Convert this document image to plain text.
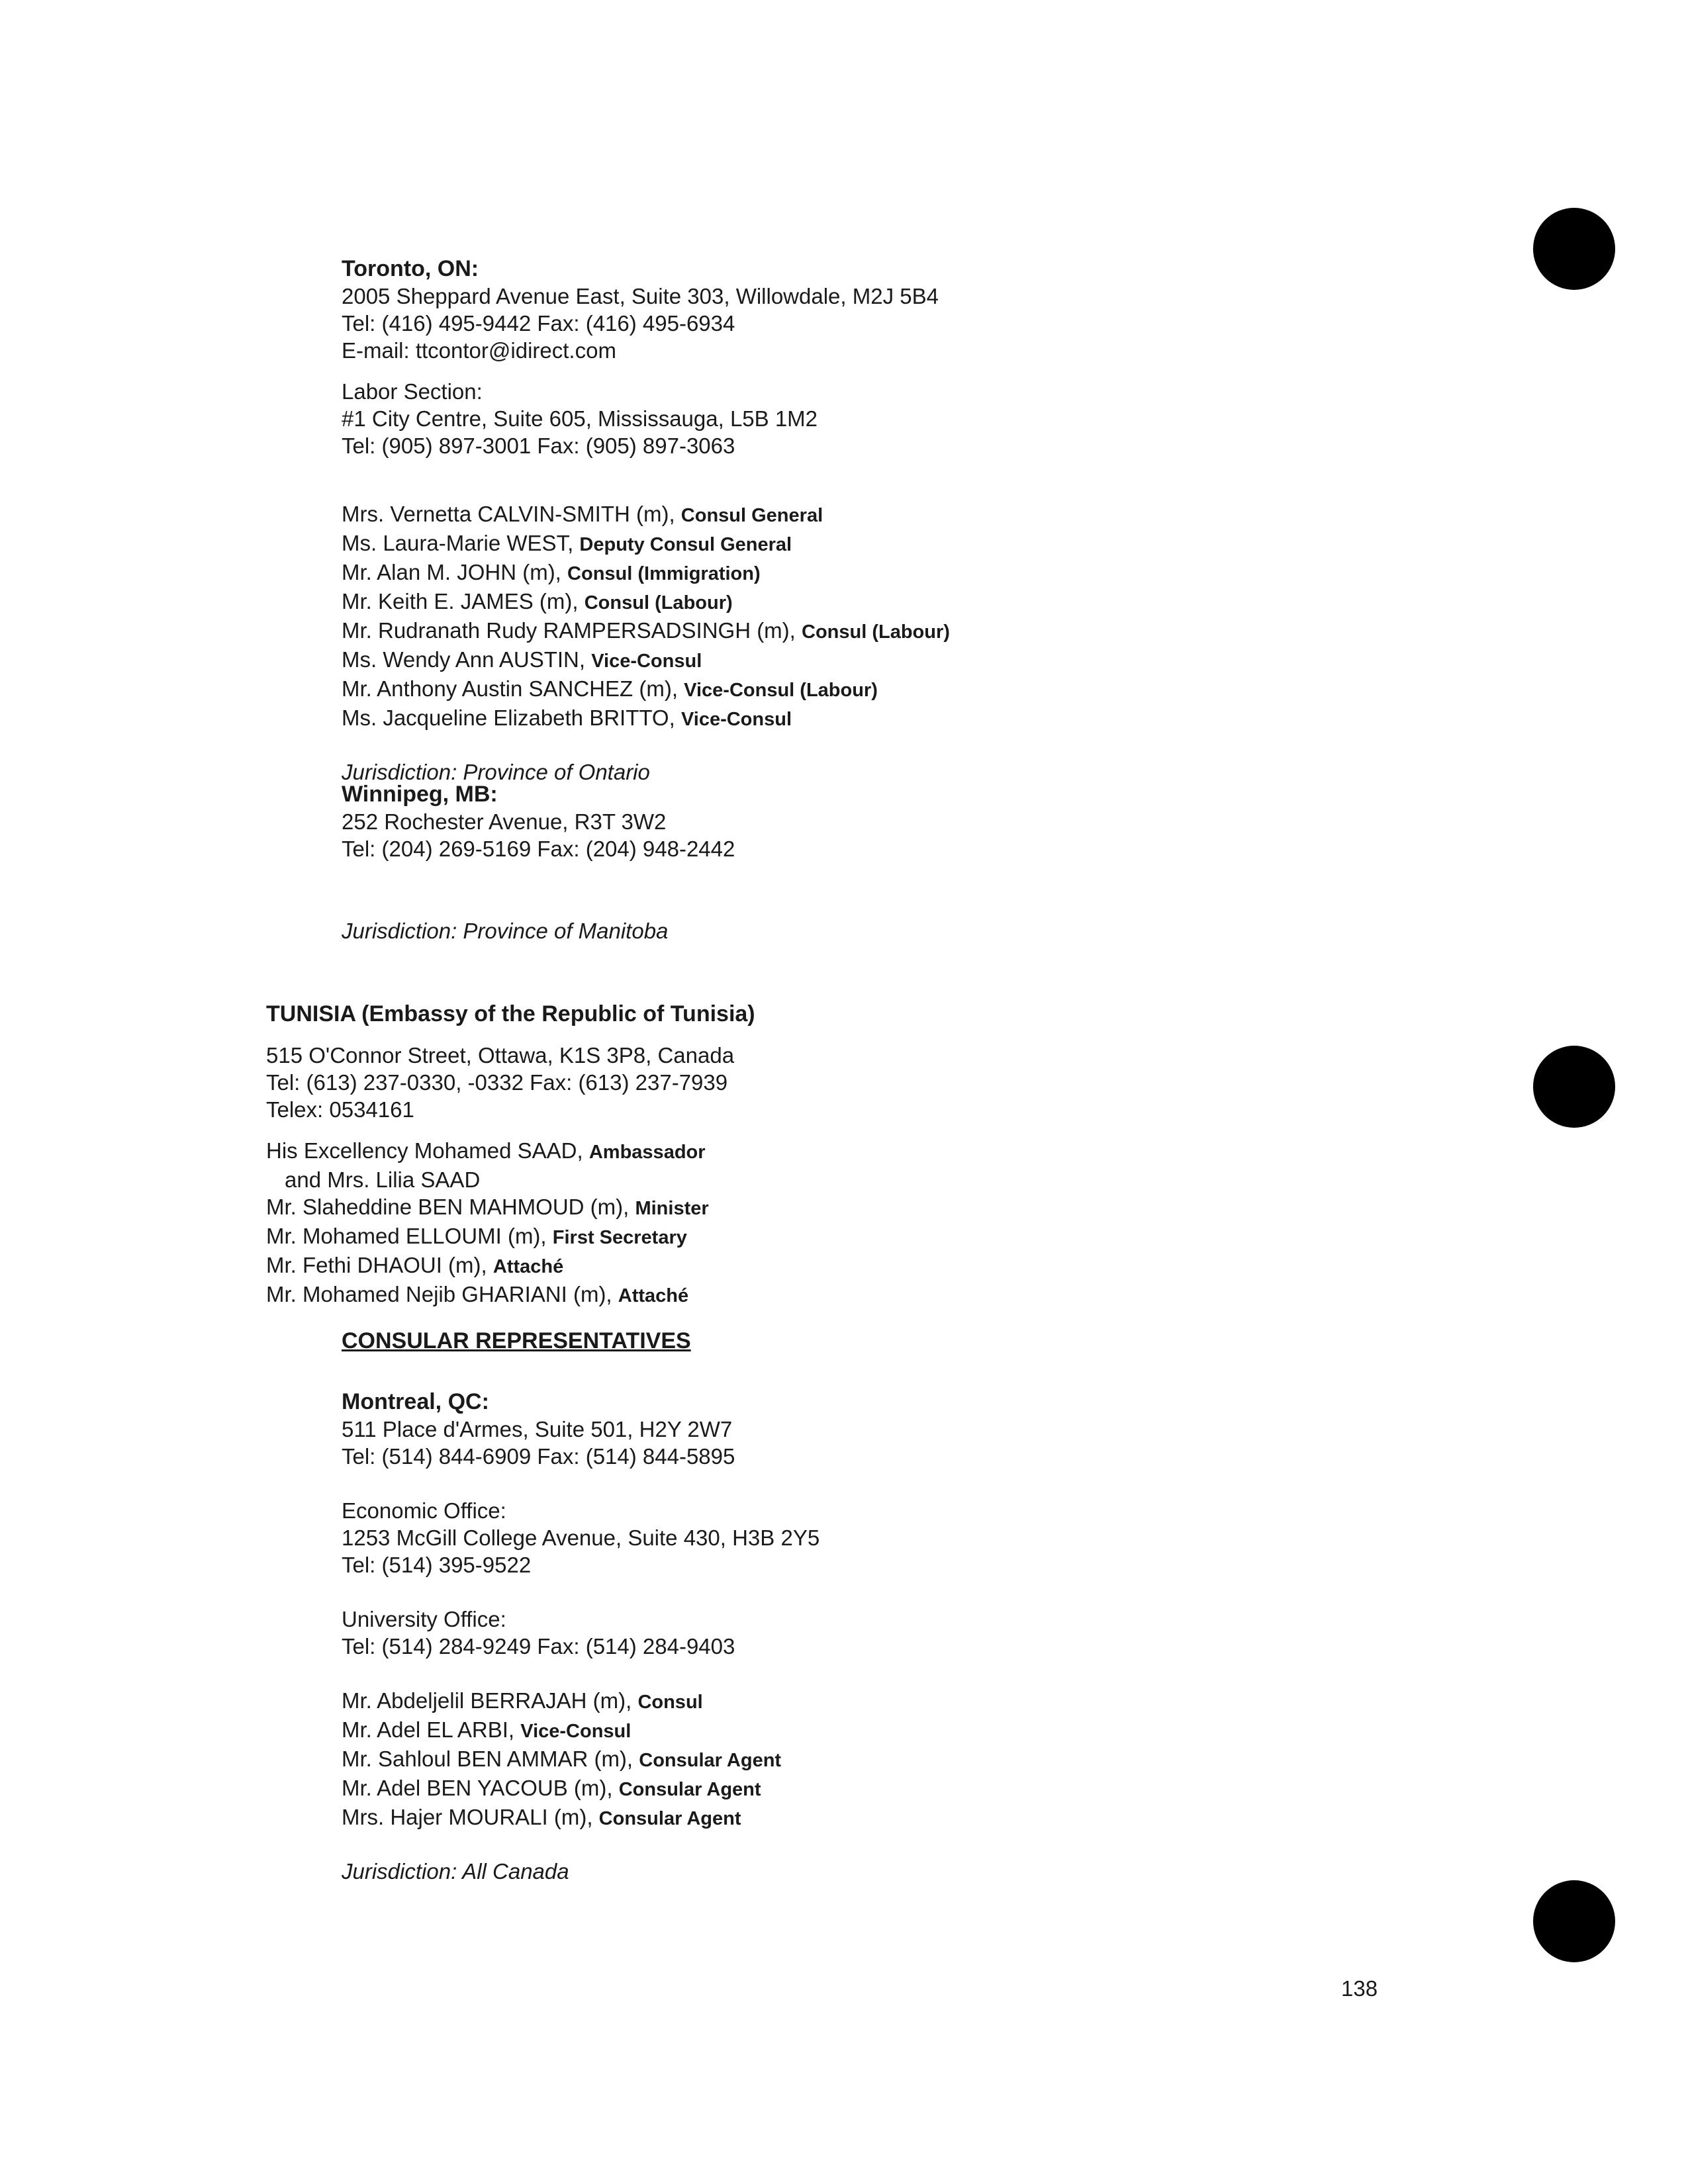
Toronto, ON:
2005 Sheppard Avenue East, Suite 303, Willowdale, M2J 5B4
Tel: (416) 495-9442 Fax: (416) 495-6934
E-mail: ttcontor@idirect.com
Labor Section:
#1 City Centre, Suite 605, Mississauga, L5B 1M2
Tel: (905) 897-3001 Fax: (905) 897-3063
Mrs. Vernetta CALVIN-SMITH (m), Consul General
Ms. Laura-Marie WEST, Deputy Consul General
Mr. Alan M. JOHN (m), Consul (Immigration)
Mr. Keith E. JAMES (m), Consul (Labour)
Mr. Rudranath Rudy RAMPERSADSINGH (m), Consul (Labour)
Ms. Wendy Ann AUSTIN, Vice-Consul
Mr. Anthony Austin SANCHEZ (m), Vice-Consul (Labour)
Ms. Jacqueline Elizabeth BRITTO, Vice-Consul
Jurisdiction: Province of Ontario
Winnipeg, MB:
252 Rochester Avenue, R3T 3W2
Tel: (204) 269-5169 Fax: (204) 948-2442
Jurisdiction: Province of Manitoba
TUNISIA (Embassy of the Republic of Tunisia)
515 O'Connor Street, Ottawa, K1S 3P8, Canada
Tel: (613) 237-0330, -0332 Fax: (613) 237-7939
Telex: 0534161
His Excellency Mohamed SAAD, Ambassador
and Mrs. Lilia SAAD
Mr. Slaheddine BEN MAHMOUD (m), Minister
Mr. Mohamed ELLOUMI (m), First Secretary
Mr. Fethi DHAOUI (m), Attaché
Mr. Mohamed Nejib GHARIANI (m), Attaché
CONSULAR REPRESENTATIVES
Montreal, QC:
511 Place d'Armes, Suite 501, H2Y 2W7
Tel: (514) 844-6909 Fax: (514) 844-5895
Economic Office:
1253 McGill College Avenue, Suite 430, H3B 2Y5
Tel: (514) 395-9522
University Office:
Tel: (514) 284-9249 Fax: (514) 284-9403
Mr. Abdeljelil BERRAJAH (m), Consul
Mr. Adel EL ARBI, Vice-Consul
Mr. Sahloul BEN AMMAR (m), Consular Agent
Mr. Adel BEN YACOUB (m), Consular Agent
Mrs. Hajer MOURALI (m), Consular Agent
Jurisdiction: All Canada
138
